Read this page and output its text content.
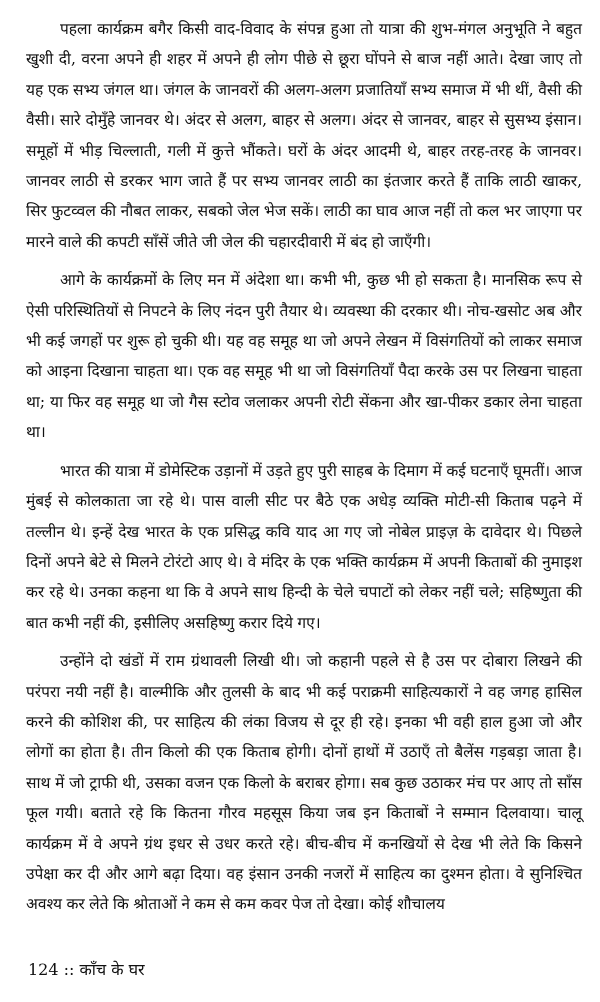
पहला कार्यक्रम बगैर किसी वाद-विवाद के संपन्न हुआ तो यात्रा की शुभ-मंगल अनुभूति ने बहुत खुशी दी, वरना अपने ही शहर में अपने ही लोग पीछे से छूरा घोंपने से बाज नहीं आते। देखा जाए तो यह एक सभ्य जंगल था। जंगल के जानवरों की अलग-अलग प्रजातियाँ सभ्य समाज में भी थीं, वैसी की वैसी। सारे दोमुँहे जानवर थे। अंदर से अलग, बाहर से अलग। अंदर से जानवर, बाहर से सुसभ्य इंसान। समूहों में भीड़ चिल्लाती, गली में कुत्ते भौंकते। घरों के अंदर आदमी थे, बाहर तरह-तरह के जानवर। जानवर लाठी से डरकर भाग जाते हैं पर सभ्य जानवर लाठी का इंतजार करते हैं ताकि लाठी खाकर, सिर फुटव्वल की नौबत लाकर, सबको जेल भेज सकें। लाठी का घाव आज नहीं तो कल भर जाएगा पर मारने वाले की कपटी साँसें जीते जी जेल की चहारदीवारी में बंद हो जाएँगी।

आगे के कार्यक्रमों के लिए मन में अंदेशा था। कभी भी, कुछ भी हो सकता है। मानसिक रूप से ऐसी परिस्थितियों से निपटने के लिए नंदन पुरी तैयार थे। व्यवस्था की दरकार थी। नोच-खसोट अब और भी कई जगहों पर शुरू हो चुकी थी। यह वह समूह था जो अपने लेखन में विसंगतियों को लाकर समाज को आइना दिखाना चाहता था। एक वह समूह भी था जो विसंगतियाँ पैदा करके उस पर लिखना चाहता था; या फिर वह समूह था जो गैस स्टोव जलाकर अपनी रोटी सेंकना और खा-पीकर डकार लेना चाहता था।

भारत की यात्रा में डोमेस्टिक उड़ानों में उड़ते हुए पुरी साहब के दिमाग में कई घटनाएँ घूमतीं। आज मुंबई से कोलकाता जा रहे थे। पास वाली सीट पर बैठे एक अधेड़ व्यक्ति मोटी-सी किताब पढ़ने में तल्लीन थे। इन्हें देख भारत के एक प्रसिद्ध कवि याद आ गए जो नोबेल प्राइज़ के दावेदार थे। पिछले दिनों अपने बेटे से मिलने टोरंटो आए थे। वे मंदिर के एक भक्ति कार्यक्रम में अपनी किताबों की नुमाइश कर रहे थे। उनका कहना था कि वे अपने साथ हिन्दी के चेले चपाटों को लेकर नहीं चले; सहिष्णुता की बात कभी नहीं की, इसीलिए असहिष्णु करार दिये गए।

उन्होंने दो खंडों में राम ग्रंथावली लिखी थी। जो कहानी पहले से है उस पर दोबारा लिखने की परंपरा नयी नहीं है। वाल्मीकि और तुलसी के बाद भी कई पराक्रमी साहित्यकारों ने वह जगह हासिल करने की कोशिश की, पर साहित्य की लंका विजय से दूर ही रहे। इनका भी वही हाल हुआ जो और लोगों का होता है। तीन किलो की एक किताब होगी। दोनों हाथों में उठाएँ तो बैलेंस गड़बड़ा जाता है। साथ में जो ट्राफी थी, उसका वजन एक किलो के बराबर होगा। सब कुछ उठाकर मंच पर आए तो साँस फूल गयी। बताते रहे कि कितना गौरव महसूस किया जब इन किताबों ने सम्मान दिलवाया। चालू कार्यक्रम में वे अपने ग्रंथ इधर से उधर करते रहे। बीच-बीच में कनखियों से देख भी लेते कि किसने उपेक्षा कर दी और आगे बढ़ा दिया। वह इंसान उनकी नजरों में साहित्य का दुश्मन होता। वे सुनिश्चित अवश्य कर लेते कि श्रोताओं ने कम से कम कवर पेज तो देखा। कोई शौचालय

124 :: काँच के घर
